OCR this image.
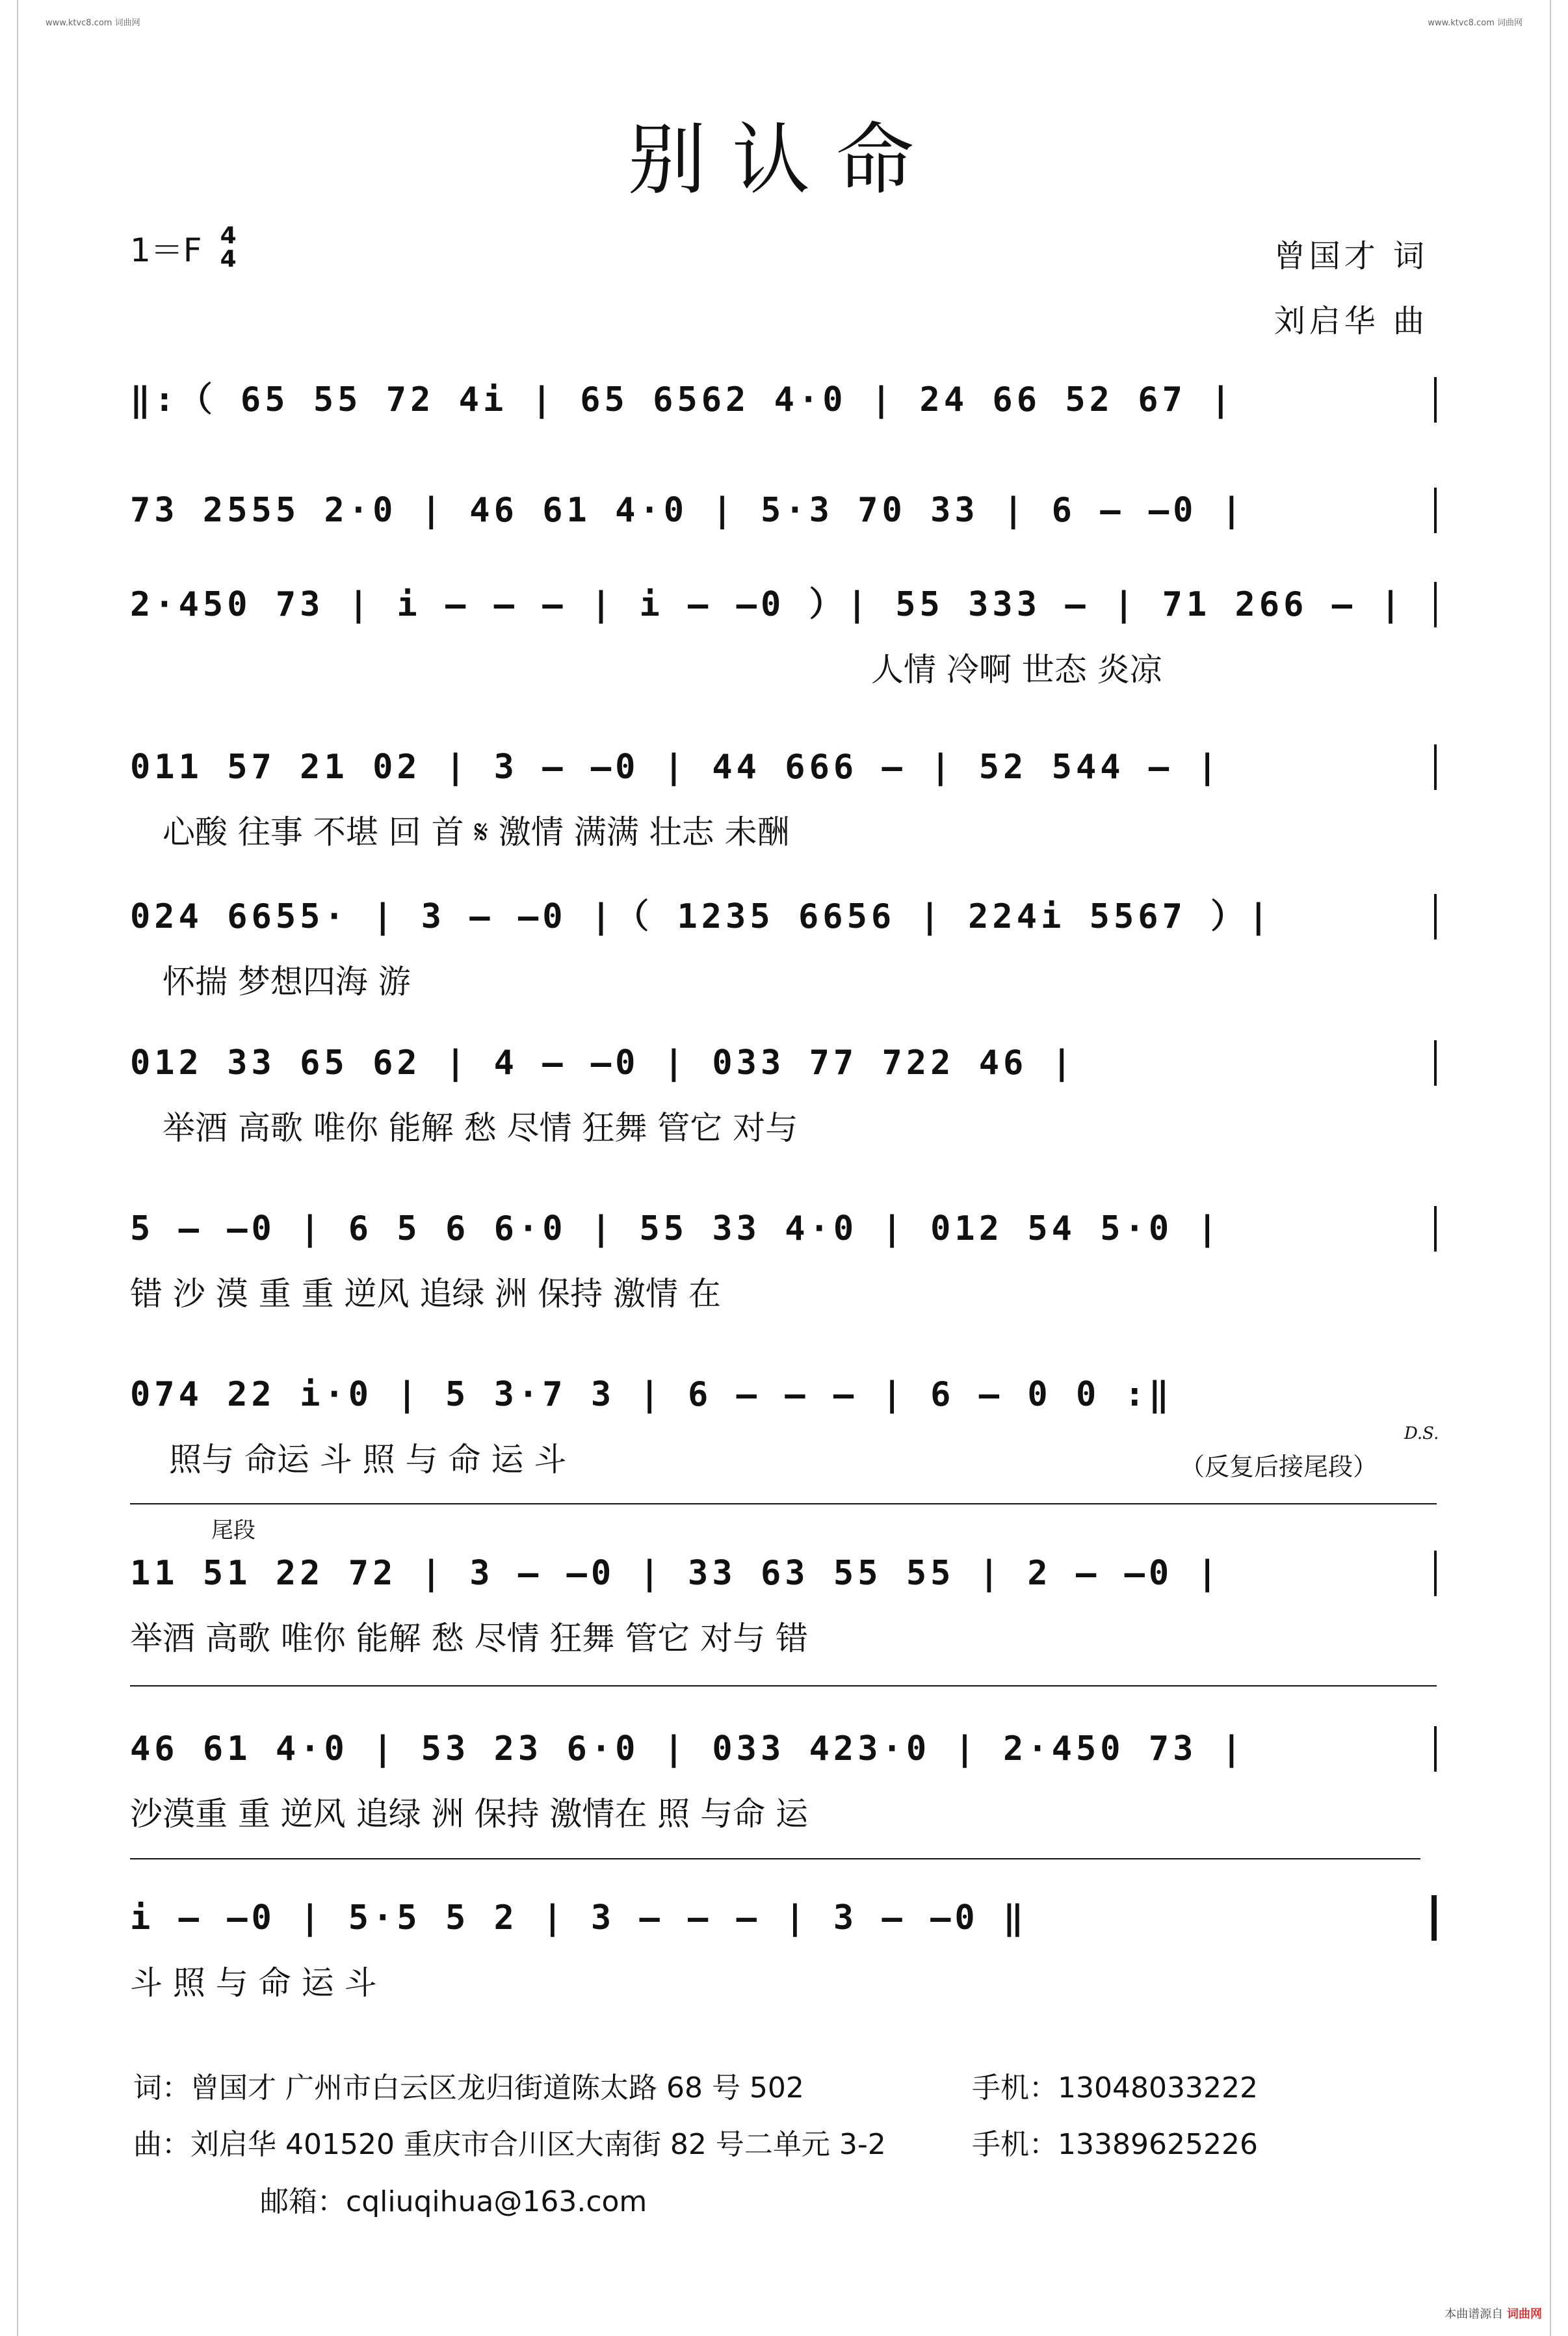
www.ktvc8.com 词曲网	www.ktvc8.com 词曲网
别认命
1＝F 4
4	曾国才 词
刘启华 曲
‖:（ 65 55 72 4i | 65 6562 4·0 | 24 66 52 67 |
73 2555 2·0 | 46 61 4·0 | 5·3 70 33 | 6 – –0 |
2·450 73 | i – – – | i – –0 ）| 55 333 – | 71 266 – |
人情 冷啊 世态 炎凉
011 57 21 02 | 3 – –0 | 44 666 – | 52 544 – |
心酸 往事 不堪 回 首 𝄋 激情 满满 壮志 未酬
024 6655· | 3 – –0 |（ 1235 6656 | 224i 5567 ）|
怀揣 梦想四海 游
012 33 65 62 | 4 – –0 | 033 77 722 46 |
举酒 高歌 唯你 能解 愁 尽情 狂舞 管它 对与
5 – –0 | 6 5 6 6·0 | 55 33 4·0 | 012 54 5·0 |
错 沙 漠 重 重 逆风 追绿 洲 保持 激情 在
074 22 i·0 | 5 3·7 3 | 6 – – – | 6 – 0 0 :‖
照与 命运 斗 照 与 命 运 斗
D.S.
（反复后接尾段）
尾段
11 51 22 72 | 3 – –0 | 33 63 55 55 | 2 – –0 |
举酒 高歌 唯你 能解 愁 尽情 狂舞 管它 对与 错
46 61 4·0 | 53 23 6·0 | 033 423·0 | 2·450 73 |
沙漠重 重 逆风 追绿 洲 保持 激情在 照 与命 运
i – –0 | 5·5 5 2 | 3 – – – | 3 – –0 ‖
斗 照 与 命 运 斗
词：曾国才 广州市白云区龙归街道陈太路 68 号 502	手机：13048033222
曲：刘启华 401520 重庆市合川区大南街 82 号二单元 3-2	手机：13389625226
邮箱：cqliuqihua@163.com
本曲谱源自 词曲网
